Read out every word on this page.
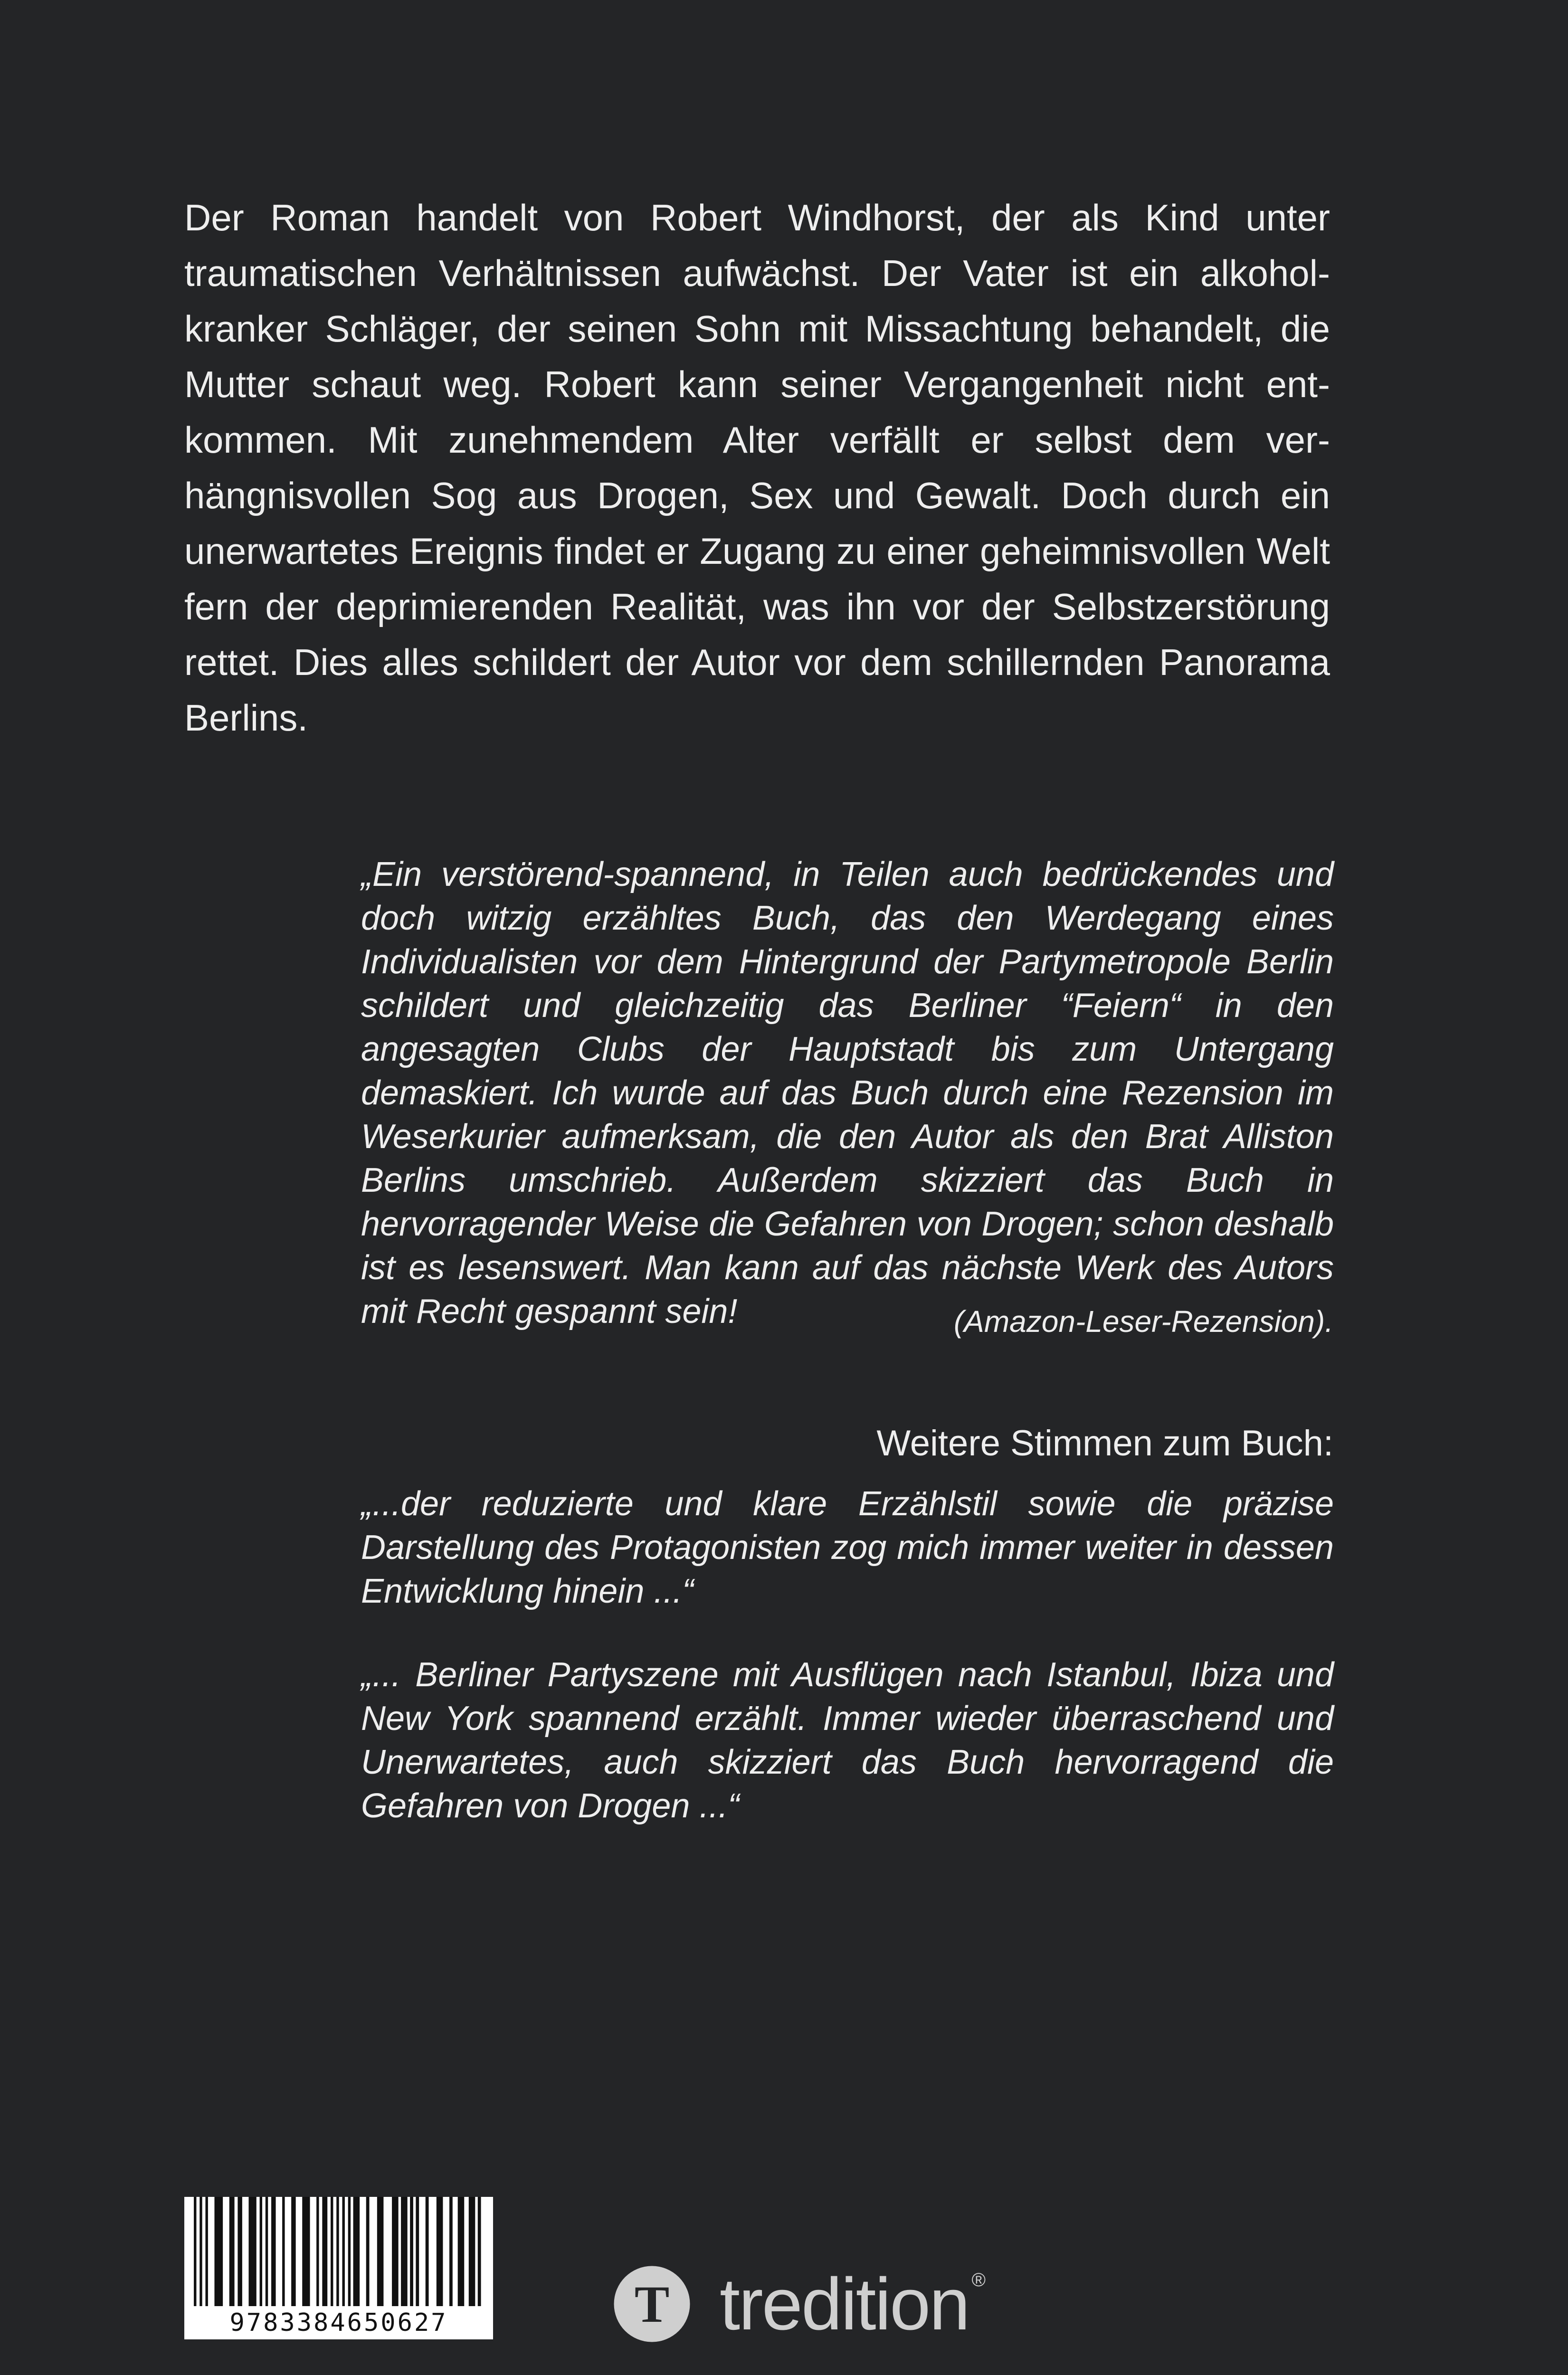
Der Roman handelt von Robert Windhorst, der als Kind unter traumatischen Verhältnissen aufwächst. Der Vater ist ein alkoholkranker Schläger, der seinen Sohn mit Missachtung behandelt, die Mutter schaut weg. Robert kann seiner Vergangenheit nicht entkommen. Mit zunehmendem Alter verfällt er selbst dem verhängnisvollen Sog aus Drogen, Sex und Gewalt. Doch durch ein unerwartetes Ereignis findet er Zugang zu einer geheimnisvollen Welt fern der deprimierenden Realität, was ihn vor der Selbstzerstörung rettet. Dies alles schildert der Autor vor dem schillernden Panorama Berlins.

„Ein verstörend-spannend, in Teilen auch bedrückendes und doch witzig erzähltes Buch, das den Werdegang eines Individualisten vor dem Hintergrund der Partymetropole Berlin schildert und gleichzeitig das Berliner “Feiern“ in den angesagten Clubs der Hauptstadt bis zum Untergang demaskiert. Ich wurde auf das Buch durch eine Rezension im Weserkurier aufmerksam, die den Autor als den Brat Alliston Berlins umschrieb. Außerdem skizziert das Buch in hervorragender Weise die Gefahren von Drogen; schon deshalb ist es lesenswert. Man kann auf das nächste Werk des Autors mit Recht gespannt sein!	(Amazon-Leser-Rezension).

Weitere Stimmen zum Buch:

„...der reduzierte und klare Erzählstil sowie die präzise Darstellung des Protagonisten zog mich immer weiter in dessen Entwicklung hinein ...“

„... Berliner Partyszene mit Ausflügen nach Istanbul, Ibiza und New York spannend erzählt. Immer wieder überraschend und Unerwartetes, auch skizziert das Buch hervorragend die Gefahren von Drogen ...“

9783384650627	T tredition ®
